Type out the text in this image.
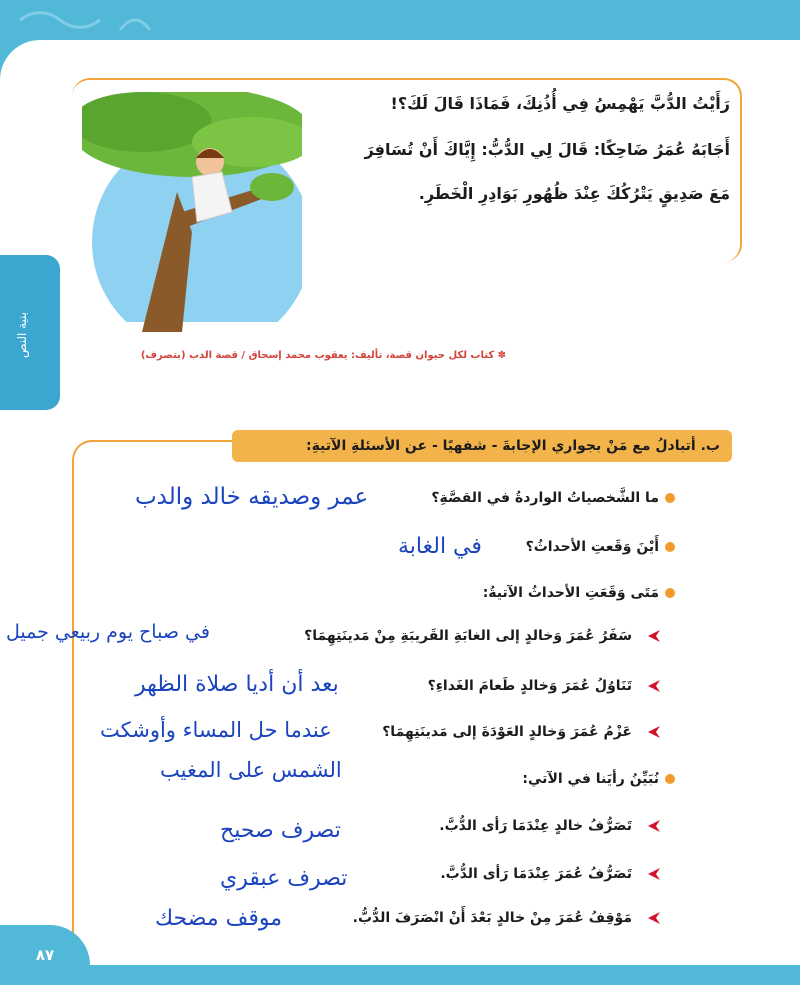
بنية النص
رَأَيْتُ الدُّبَّ يَهْمِسُ فِي أُذُنِكَ، فَمَاذَا قَالَ لَكَ؟!
أَجَابَهُ عُمَرُ ضَاحِكًا: قَالَ لِي الدُّبُّ: إِيَّاكَ أَنْ تُسَافِرَ
مَعَ صَدِيقٍ يَتْرُكُكَ عِنْدَ ظُهُورِ بَوَادِرِ الْخَطَرِ.
✽ كتاب لكل حيوان قصة، تأليف: يعقوب محمد إسحاق / قصة الدب (بتصرف)
ب. أتبادلُ مع مَنْ بجواري الإجابةَ - شفهيًا - عن الأسئلةِ الآتيةِ:
ما الشَّخصياتُ الواردةُ في القصَّةِ؟
عمر وصديقه خالد والدب
أَيْنَ وَقَعتِ الأحداثُ؟
في الغابة
مَتَى وَقَعَتِ الأحداثُ الآتيةُ:
سَفَرُ عُمَرَ وَخالدٍ إلى الغابَةِ القَريبَةِ مِنْ مَدينَتِهِمَا؟
في صباح يوم ربيعي جميل
تَنَاوُلُ عُمَرَ وَخالدٍ طَعامَ الغَداءِ؟
بعد أن أديا صلاة الظهر
عَزْمُ عُمَرَ وَخالدٍ العَوْدَةَ إلى مَدينَتِهِمَا؟
عندما حل المساء وأوشكت
الشمس على المغيب	نُبَيِّنُ رأيَنا في الآتي:
تَصَرُّفُ خالدٍ عِنْدَمَا رَأى الدُّبَّ.
تصرف صحيح
تَصَرُّفُ عُمَرَ عِنْدَمَا رَأى الدُّبَّ.
تصرف عبقري
مَوْقِفُ عُمَرَ مِنْ خالدٍ بَعْدَ أَنْ انْصَرَفَ الدُّبُّ.
موقف مضحك
٨٧
